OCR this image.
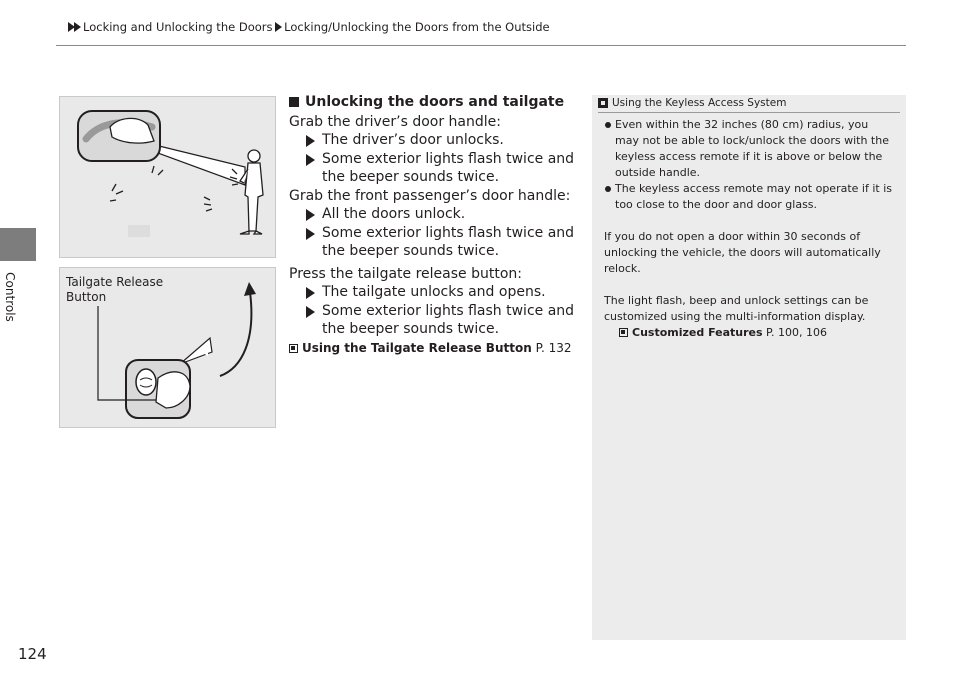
Locking and Unlocking the Doors Locking/Unlocking the Doors from the Outside
Controls	Tailgate Release Button
Unlocking the doors and tailgate

Grab the driver’s door handle:

The driver’s door unlocks.
Some exterior lights flash twice and the beeper sounds twice.

Grab the front passenger’s door handle:

All the doors unlock.
Some exterior lights flash twice and the beeper sounds twice.

Press the tailgate release button:

The tailgate unlocks and opens.
Some exterior lights flash twice and the beeper sounds twice.
Using the Tailgate Release Button P. 132
Using the Keyless Access System
Even within the 32 inches (80 cm) radius, you may not be able to lock/unlock the doors with the keyless access remote if it is above or below the outside handle.
The keyless access remote may not operate if it is too close to the door and door glass.
If you do not open a door within 30 seconds of unlocking the vehicle, the doors will automatically relock.
The light flash, beep and unlock settings can be customized using the multi-information display.
Customized Features P. 100, 106
124
